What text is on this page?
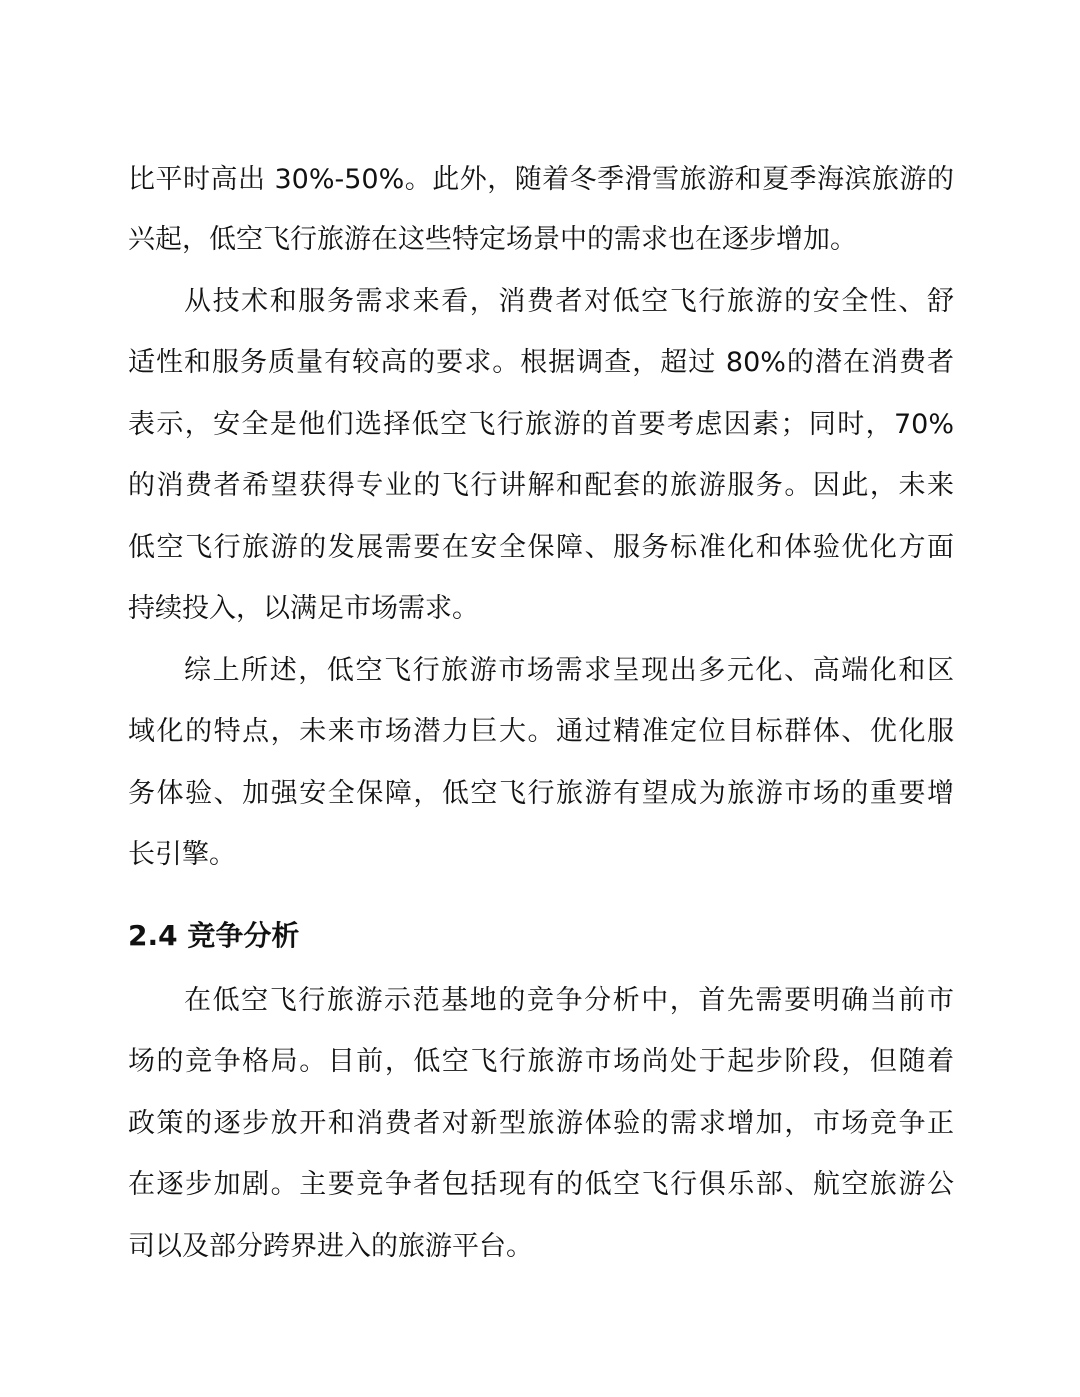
比平时高出 30%-50%。此外，随着冬季滑雪旅游和夏季海滨旅游的
兴起，低空飞行旅游在这些特定场景中的需求也在逐步增加。
从技术和服务需求来看，消费者对低空飞行旅游的安全性、舒
适性和服务质量有较高的要求。根据调查，超过 80%的潜在消费者
表示，安全是他们选择低空飞行旅游的首要考虑因素；同时，70%
的消费者希望获得专业的飞行讲解和配套的旅游服务。因此，未来
低空飞行旅游的发展需要在安全保障、服务标准化和体验优化方面
持续投入，以满足市场需求。
综上所述，低空飞行旅游市场需求呈现出多元化、高端化和区
域化的特点，未来市场潜力巨大。通过精准定位目标群体、优化服
务体验、加强安全保障，低空飞行旅游有望成为旅游市场的重要增
长引擎。
2.4 竞争分析
在低空飞行旅游示范基地的竞争分析中，首先需要明确当前市
场的竞争格局。目前，低空飞行旅游市场尚处于起步阶段，但随着
政策的逐步放开和消费者对新型旅游体验的需求增加，市场竞争正
在逐步加剧。主要竞争者包括现有的低空飞行俱乐部、航空旅游公
司以及部分跨界进入的旅游平台。
